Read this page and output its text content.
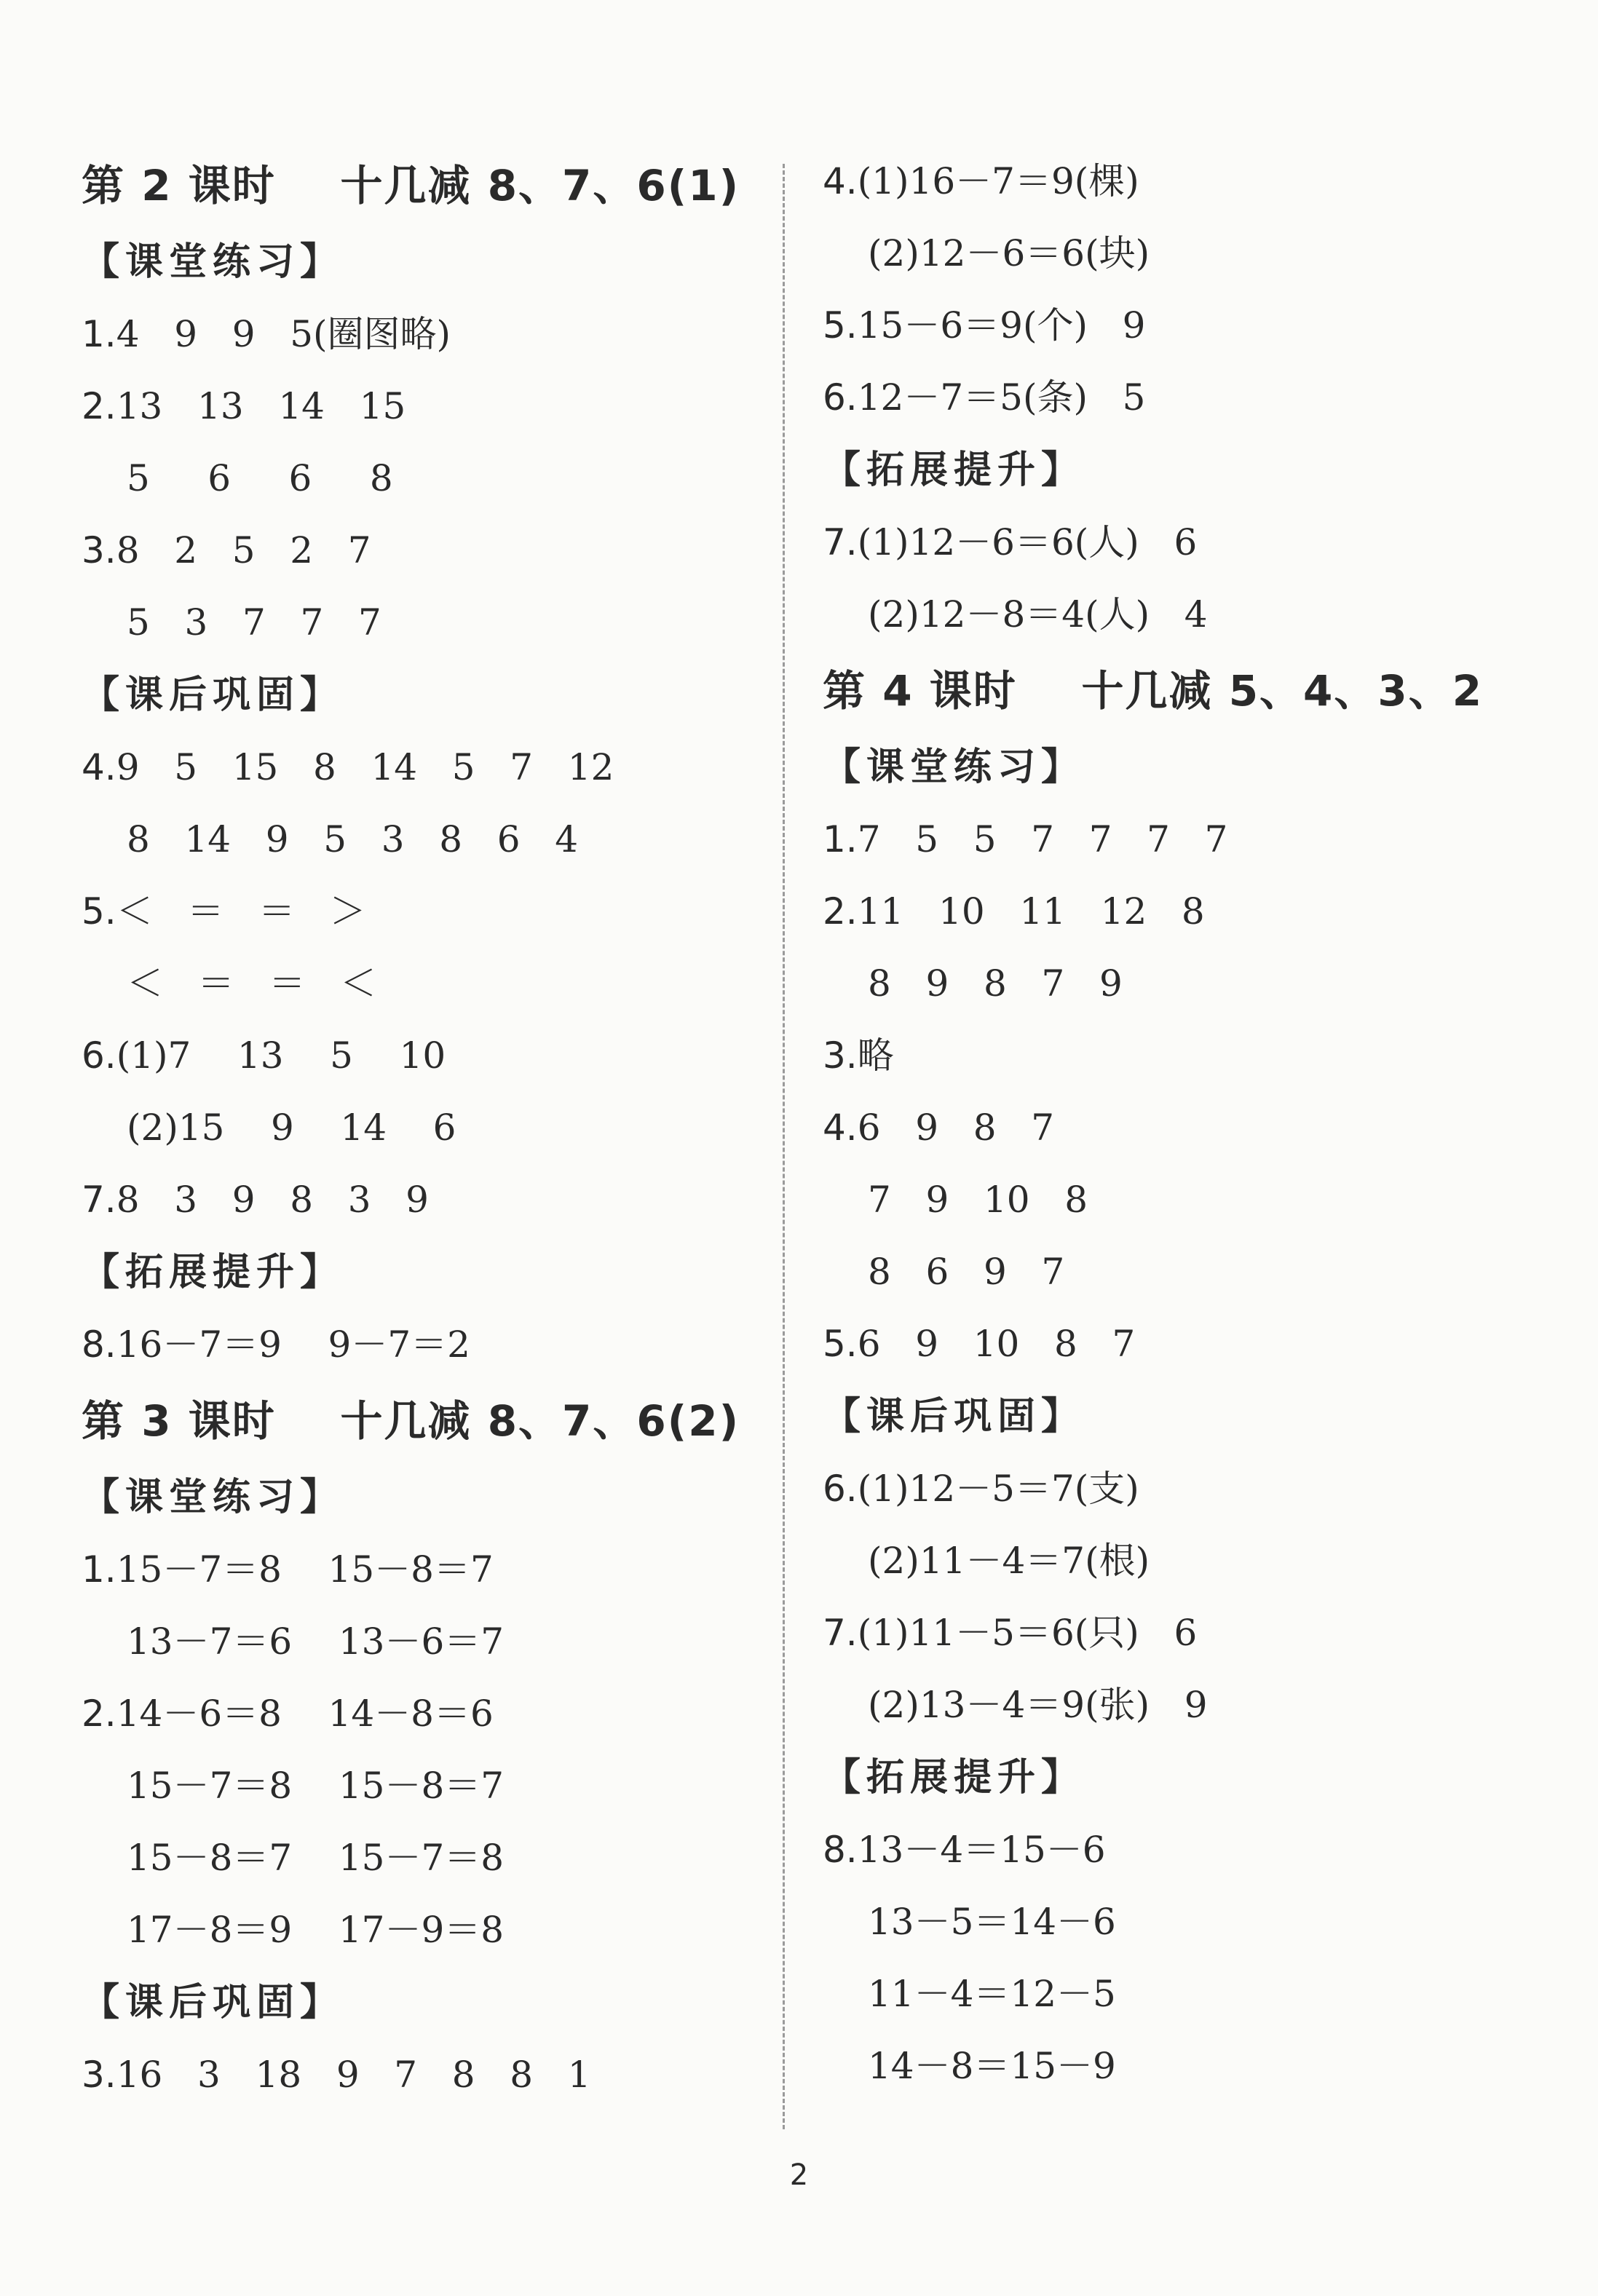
第 2 课时    十几减 8、7、6(1)
【课堂练习】
1.4   9   9   5(圈图略)
2.13   13   14   15
5     6     6     8
3.8   2   5   2   7
5   3   7   7   7
【课后巩固】
4.9   5   15   8   14   5   7   12
8   14   9   5   3   8   6   4
5.＜   ＝   ＝   ＞
＜   ＝   ＝   ＜
6.(1)7    13    5    10
(2)15    9    14    6
7.8   3   9   8   3   9
【拓展提升】
8.16－7＝9    9－7＝2
第 3 课时    十几减 8、7、6(2)
【课堂练习】
1.15－7＝8    15－8＝7
13－7＝6    13－6＝7
2.14－6＝8    14－8＝6
15－7＝8    15－8＝7
15－8＝7    15－7＝8
17－8＝9    17－9＝8
【课后巩固】
3.16   3   18   9   7   8   8   1
4.(1)16－7＝9(棵)
(2)12－6＝6(块)
5.15－6＝9(个)   9
6.12－7＝5(条)   5
【拓展提升】
7.(1)12－6＝6(人)   6
(2)12－8＝4(人)   4
第 4 课时    十几减 5、4、3、2
【课堂练习】
1.7   5   5   7   7   7   7
2.11   10   11   12   8
8   9   8   7   9
3.略
4.6   9   8   7
7   9   10   8
8   6   9   7
5.6   9   10   8   7
【课后巩固】
6.(1)12－5＝7(支)
(2)11－4＝7(根)
7.(1)11－5＝6(只)   6
(2)13－4＝9(张)   9
【拓展提升】
8.13－4＝15－6
13－5＝14－6
11－4＝12－5
14－8＝15－9
2
